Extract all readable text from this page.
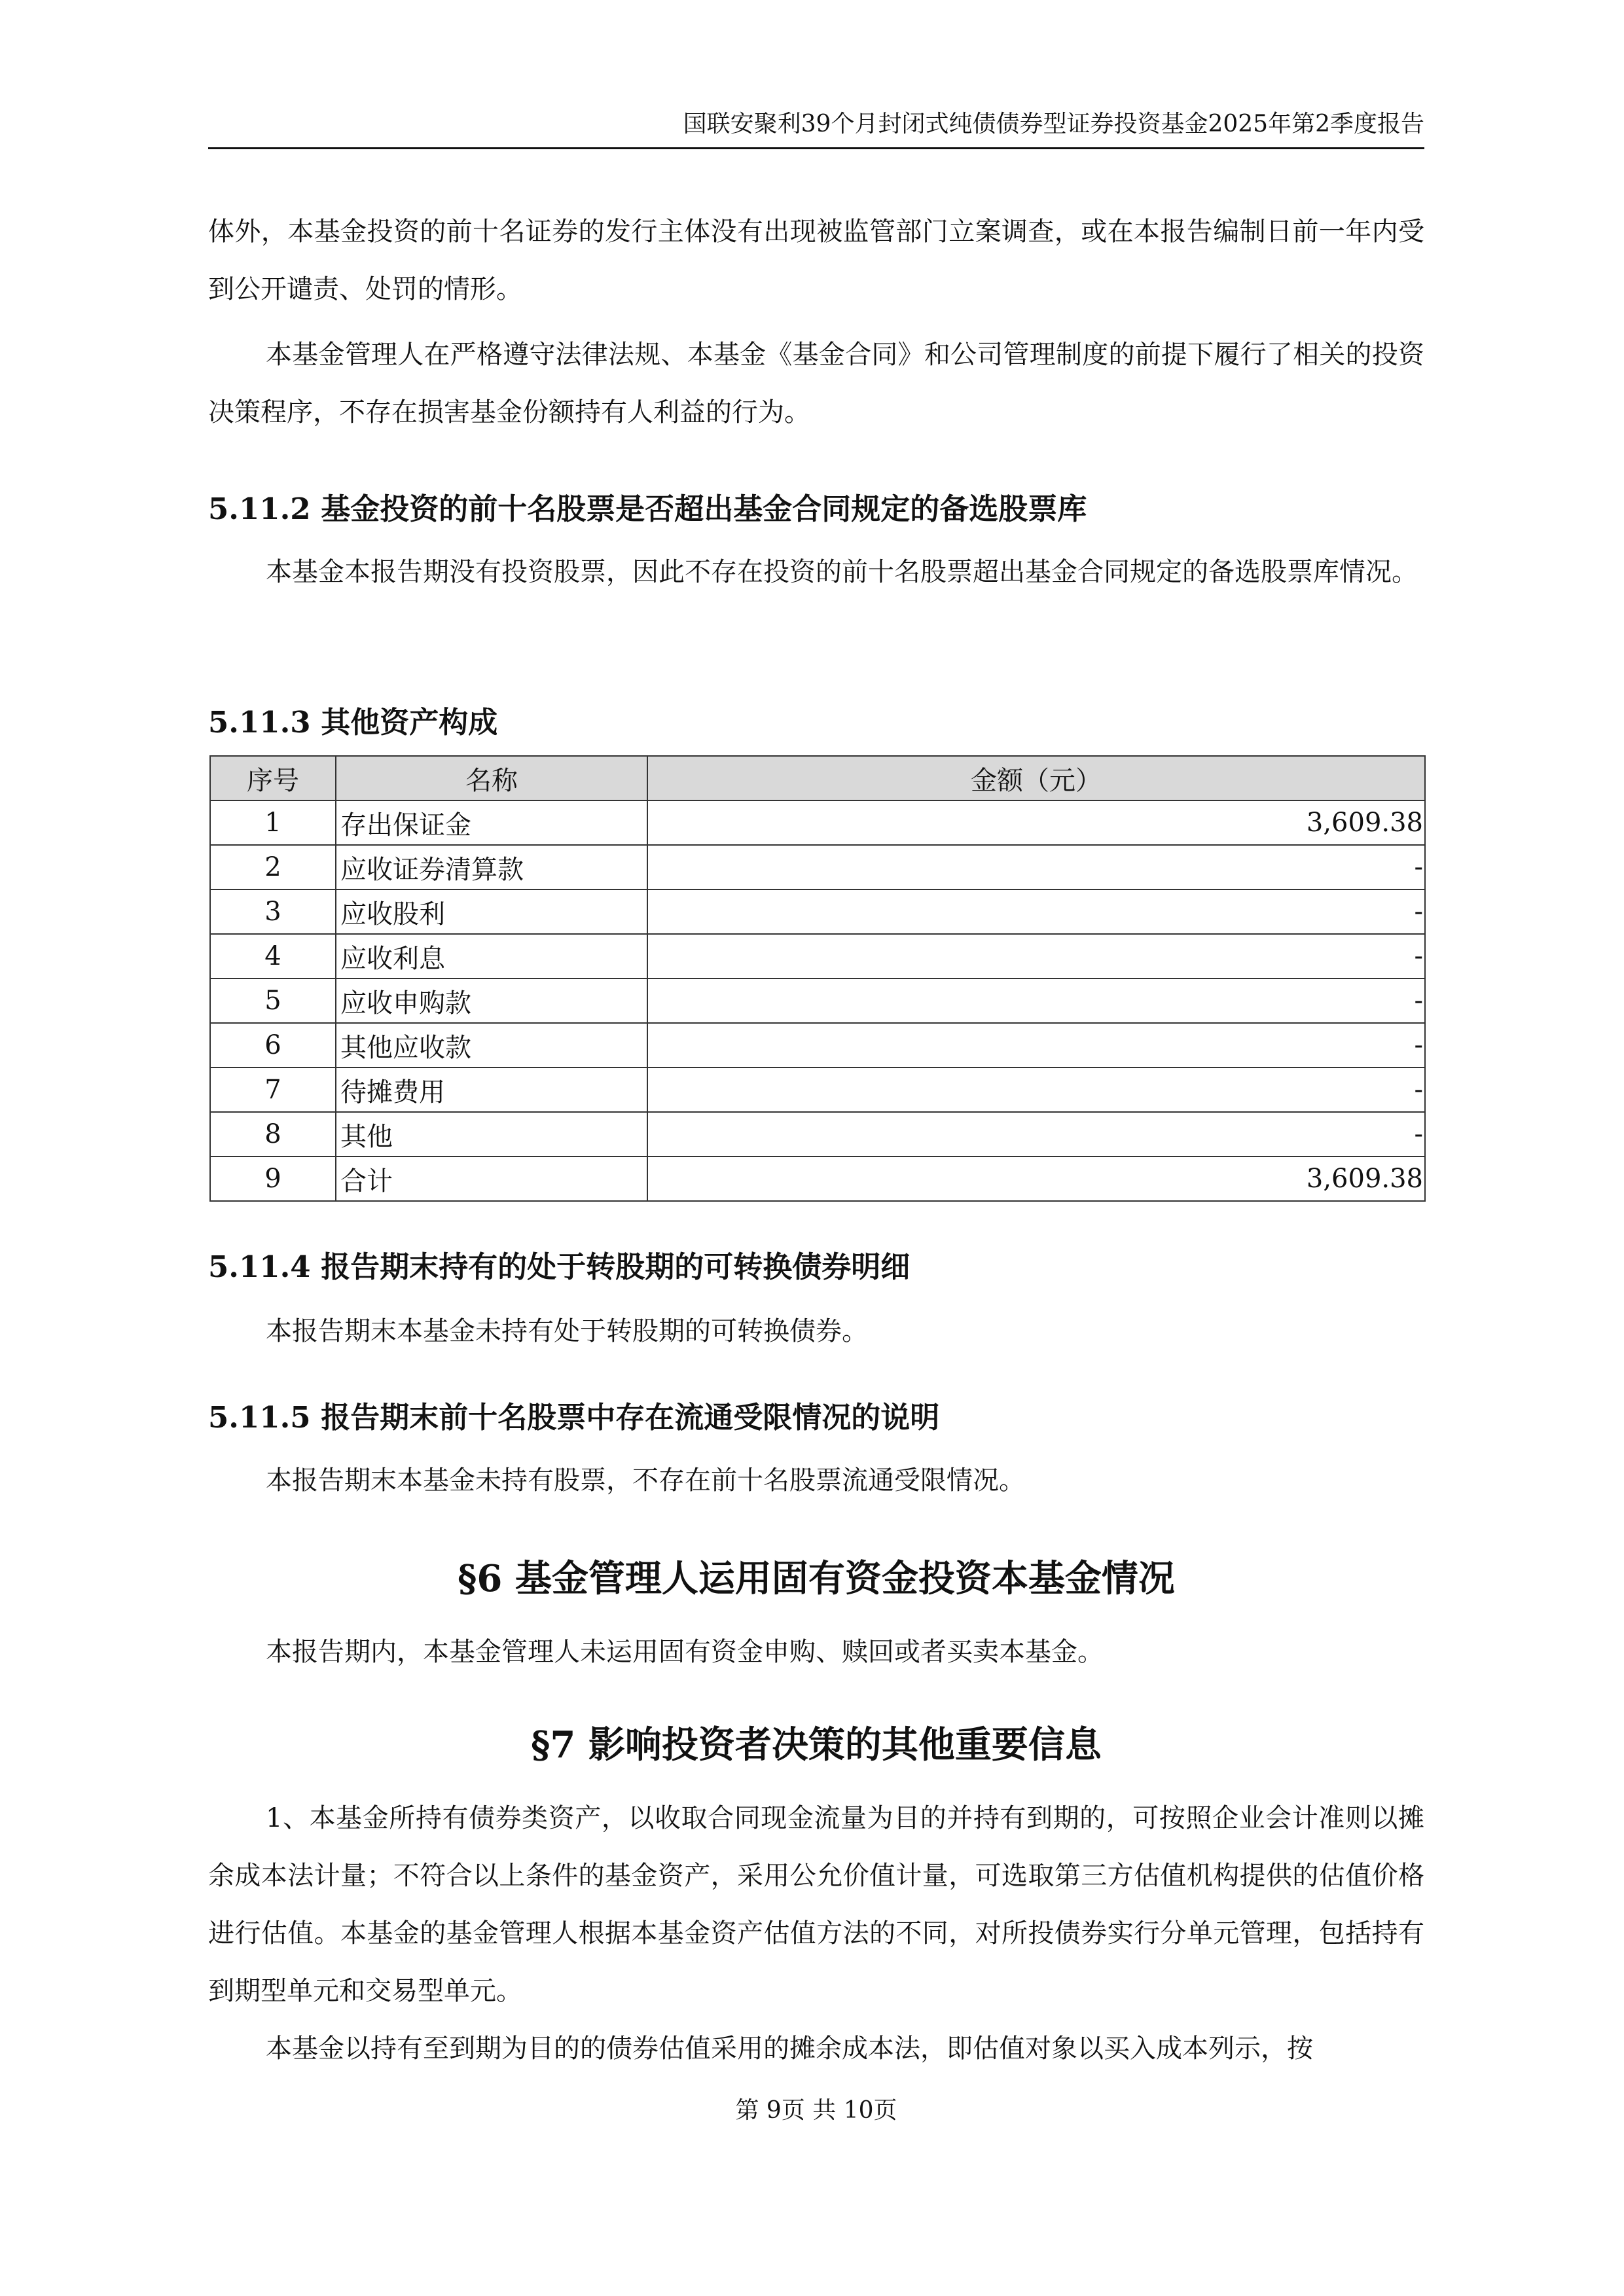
国联安聚利39个月封闭式纯债债券型证券投资基金2025年第2季度报告

体外，本基金投资的前十名证券的发行主体没有出现被监管部门立案调查，或在本报告编制日前一年内受到公开谴责、处罚的情形。

本基金管理人在严格遵守法律法规、本基金《基金合同》和公司管理制度的前提下履行了相关的投资决策程序，不存在损害基金份额持有人利益的行为。

5.11.2 基金投资的前十名股票是否超出基金合同规定的备选股票库

本基金本报告期没有投资股票，因此不存在投资的前十名股票超出基金合同规定的备选股票库情况。

5.11.3 其他资产构成
序号	名称	金额（元）
1	存出保证金	3,609.38
2	应收证券清算款	-
3	应收股利	-
4	应收利息	-
5	应收申购款	-
6	其他应收款	-
7	待摊费用	-
8	其他	-
9	合计	3,609.38
5.11.4 报告期末持有的处于转股期的可转换债券明细

本报告期末本基金未持有处于转股期的可转换债券。

5.11.5 报告期末前十名股票中存在流通受限情况的说明

本报告期末本基金未持有股票，不存在前十名股票流通受限情况。

§6 基金管理人运用固有资金投资本基金情况

本报告期内，本基金管理人未运用固有资金申购、赎回或者买卖本基金。

§7 影响投资者决策的其他重要信息

1、本基金所持有债券类资产，以收取合同现金流量为目的并持有到期的，可按照企业会计准则以摊余成本法计量；不符合以上条件的基金资产，采用公允价值计量，可选取第三方估值机构提供的估值价格进行估值。本基金的基金管理人根据本基金资产估值方法的不同，对所投债券实行分单元管理，包括持有到期型单元和交易型单元。

本基金以持有至到期为目的的债券估值采用的摊余成本法，即估值对象以买入成本列示，按

第 9页 共 10页
